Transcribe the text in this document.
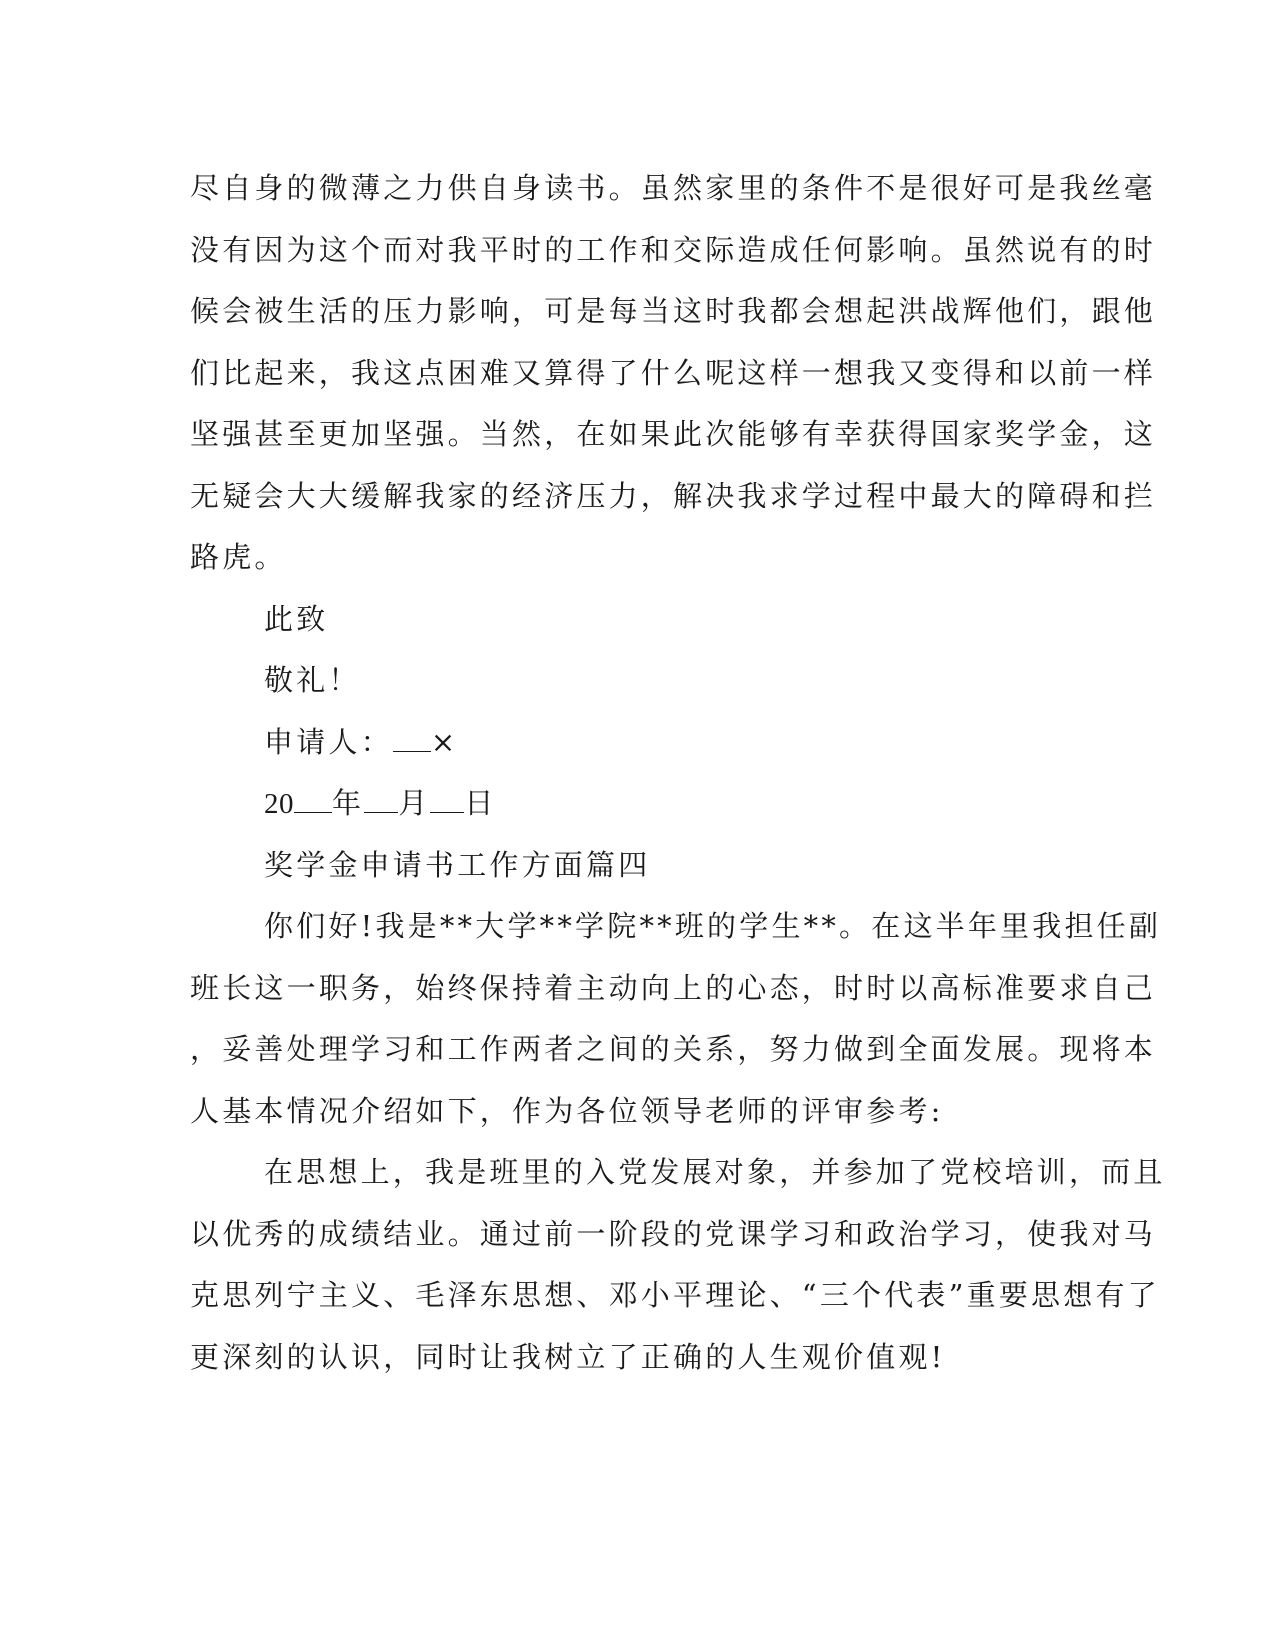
尽自身的微薄之力供自身读书。虽然家里的条件不是很好可是我丝毫
没有因为这个而对我平时的工作和交际造成任何影响。虽然说有的时
候会被生活的压力影响，可是每当这时我都会想起洪战辉他们，跟他
们比起来，我这点困难又算得了什么呢这样一想我又变得和以前一样
坚强甚至更加坚强。当然，在如果此次能够有幸获得国家奖学金，这
无疑会大大缓解我家的经济压力，解决我求学过程中最大的障碍和拦
路虎。
此致
敬礼！
申请人： ×
20 年 月 日
奖学金申请书工作方面篇四
你们好!我是**大学**学院**班的学生**。在这半年里我担任副
班长这一职务，始终保持着主动向上的心态，时时以高标准要求自己
，妥善处理学习和工作两者之间的关系，努力做到全面发展。现将本
人基本情况介绍如下，作为各位领导老师的评审参考:
在思想上，我是班里的入党发展对象，并参加了党校培训，而且
以优秀的成绩结业。通过前一阶段的党课学习和政治学习，使我对马
克思列宁主义、毛泽东思想、邓小平理论、“三个代表”重要思想有了
更深刻的认识，同时让我树立了正确的人生观价值观!
